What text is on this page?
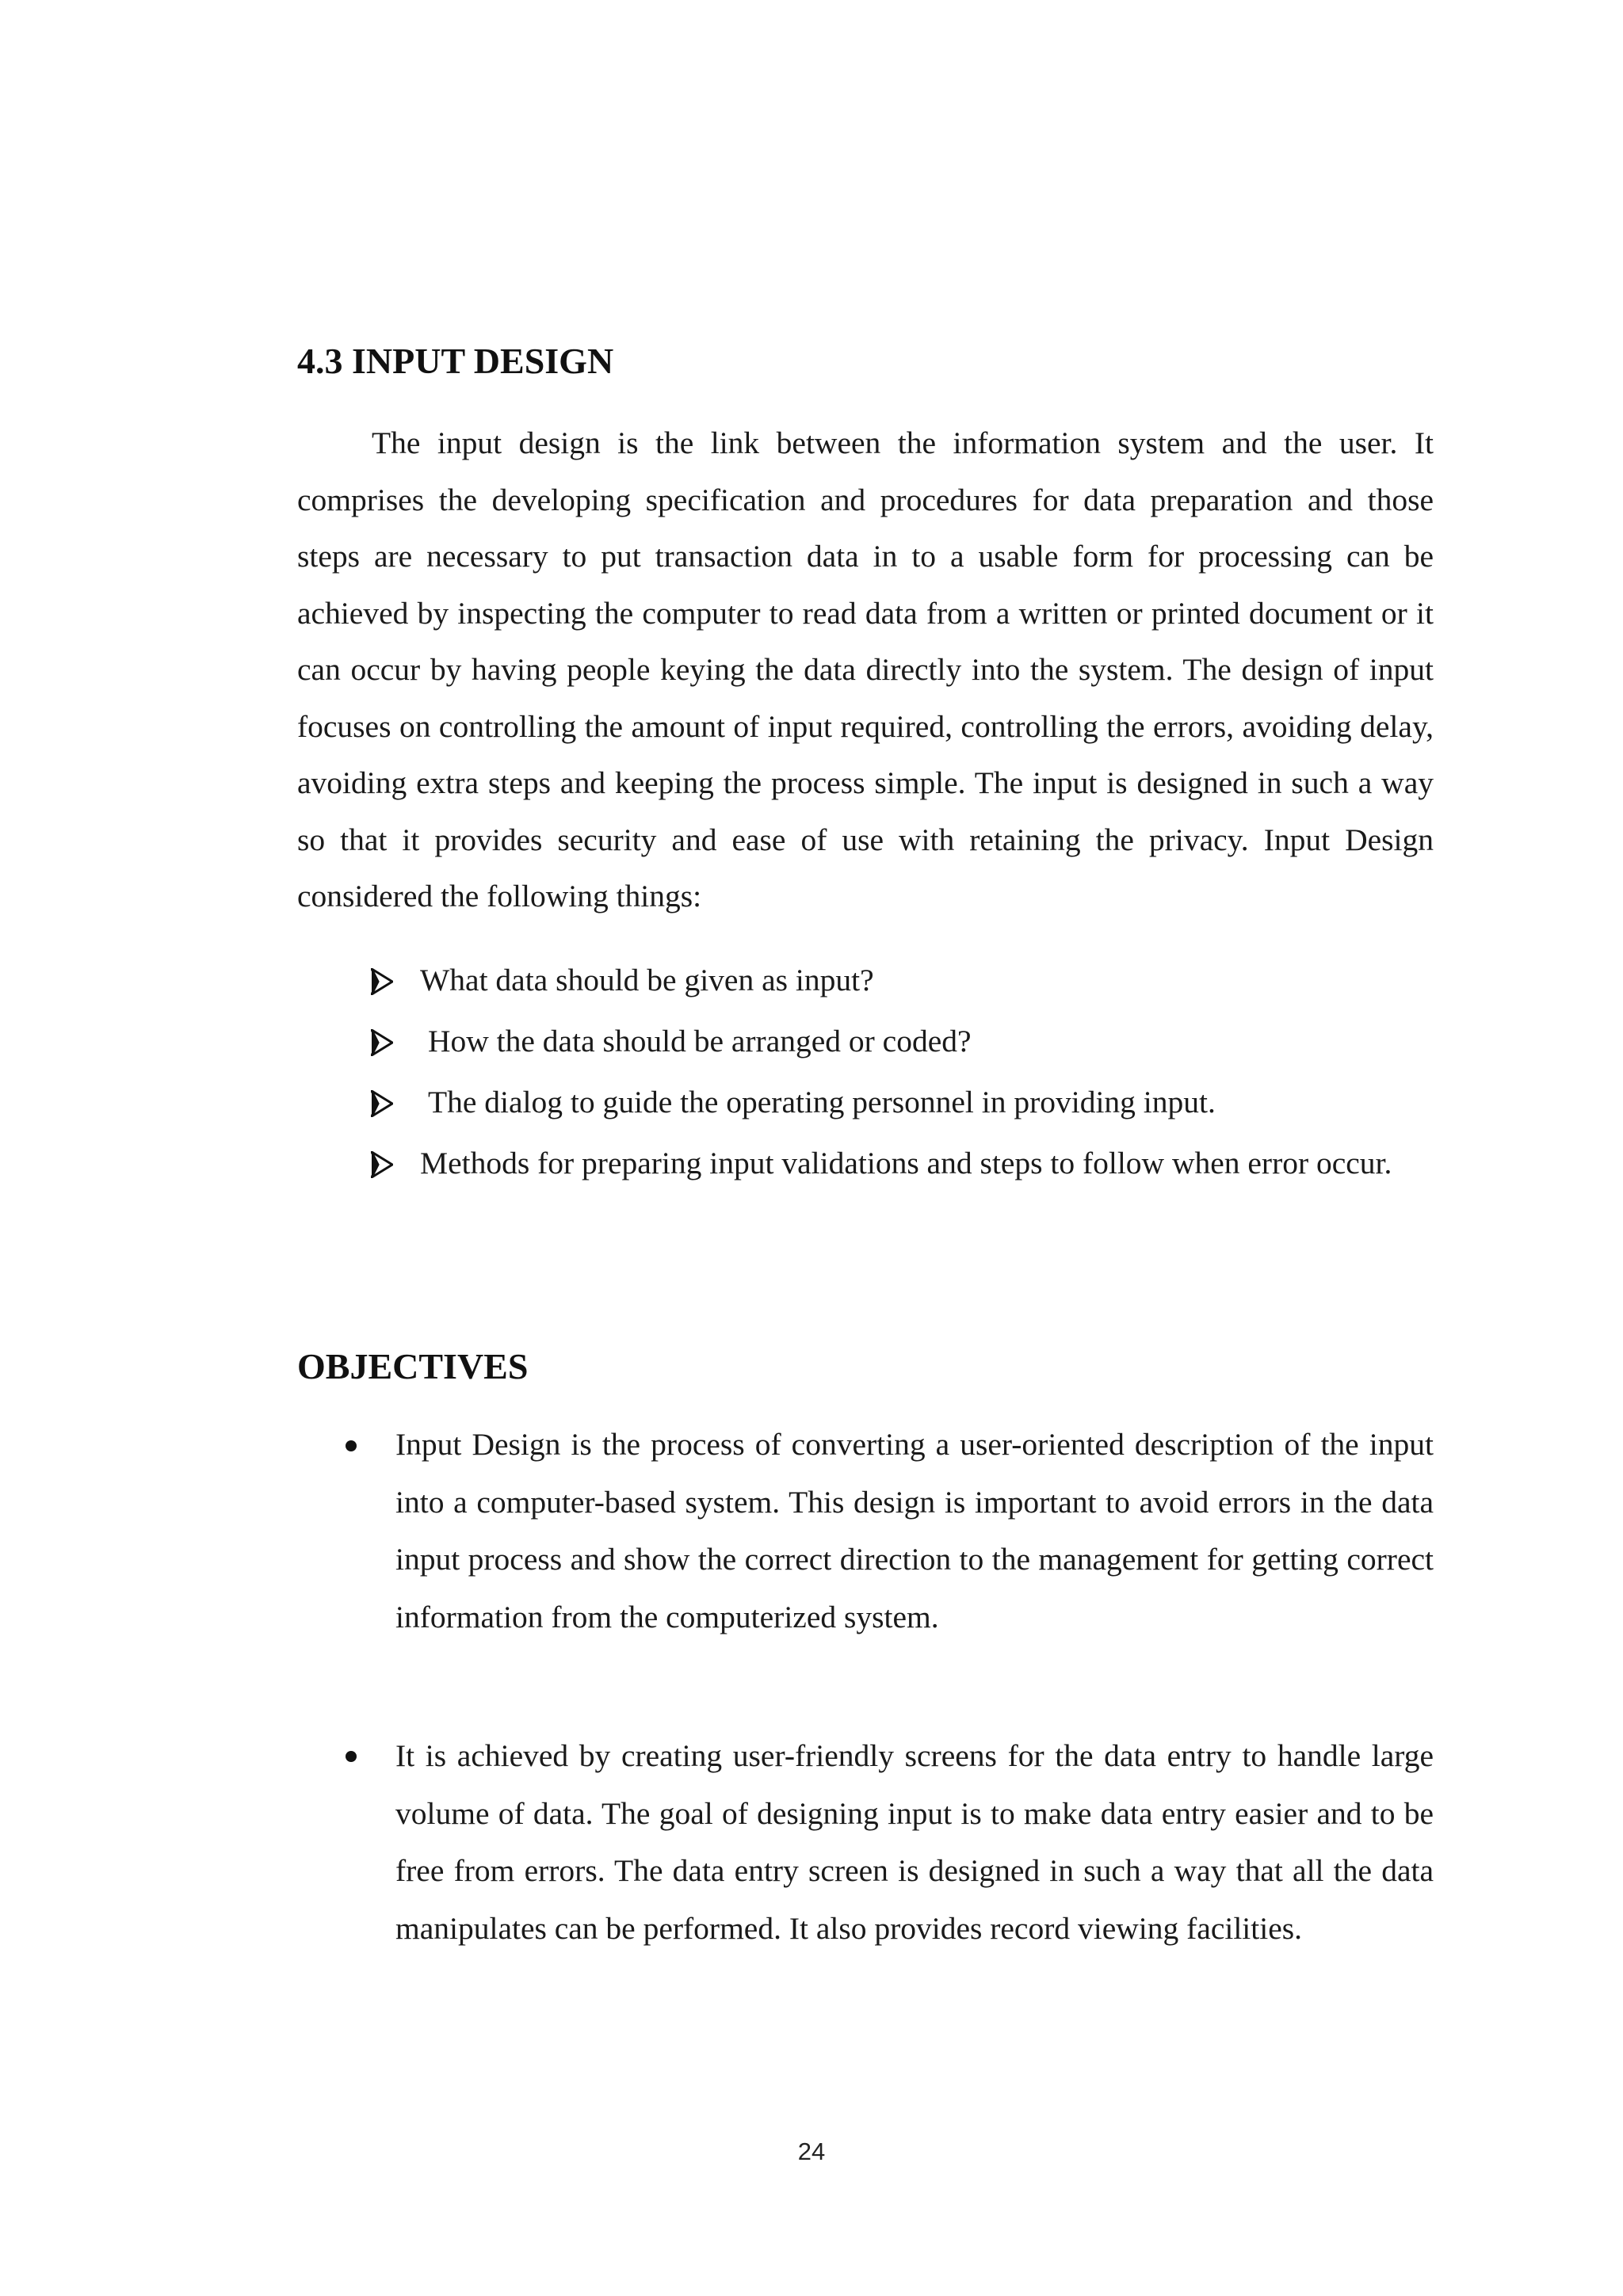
4.3 INPUT DESIGN

The input design is the link between the information system and the user. It comprises the developing specification and procedures for data preparation and those steps are necessary to put transaction data in to a usable form for processing can be achieved by inspecting the computer to read data from a written or printed document or it can occur by having people keying the data directly into the system. The design of input focuses on controlling the amount of input required, controlling the errors, avoiding delay, avoiding extra steps and keeping the process simple. The input is designed in such a way so that it provides security and ease of use with retaining the privacy. Input Design considered the following things:

What data should be given as input?
How the data should be arranged or coded?
The dialog to guide the operating personnel in providing input.
Methods for preparing input validations and steps to follow when error occur.
OBJECTIVES

Input Design is the process of converting a user-oriented description of the input into a computer-based system. This design is important to avoid errors in the data input process and show the correct direction to the management for getting correct information from the computerized system.

It is achieved by creating user-friendly screens for the data entry to handle large volume of data. The goal of designing input is to make data entry easier and to be free from errors. The data entry screen is designed in such a way that all the data manipulates can be performed. It also provides record viewing facilities.

24
